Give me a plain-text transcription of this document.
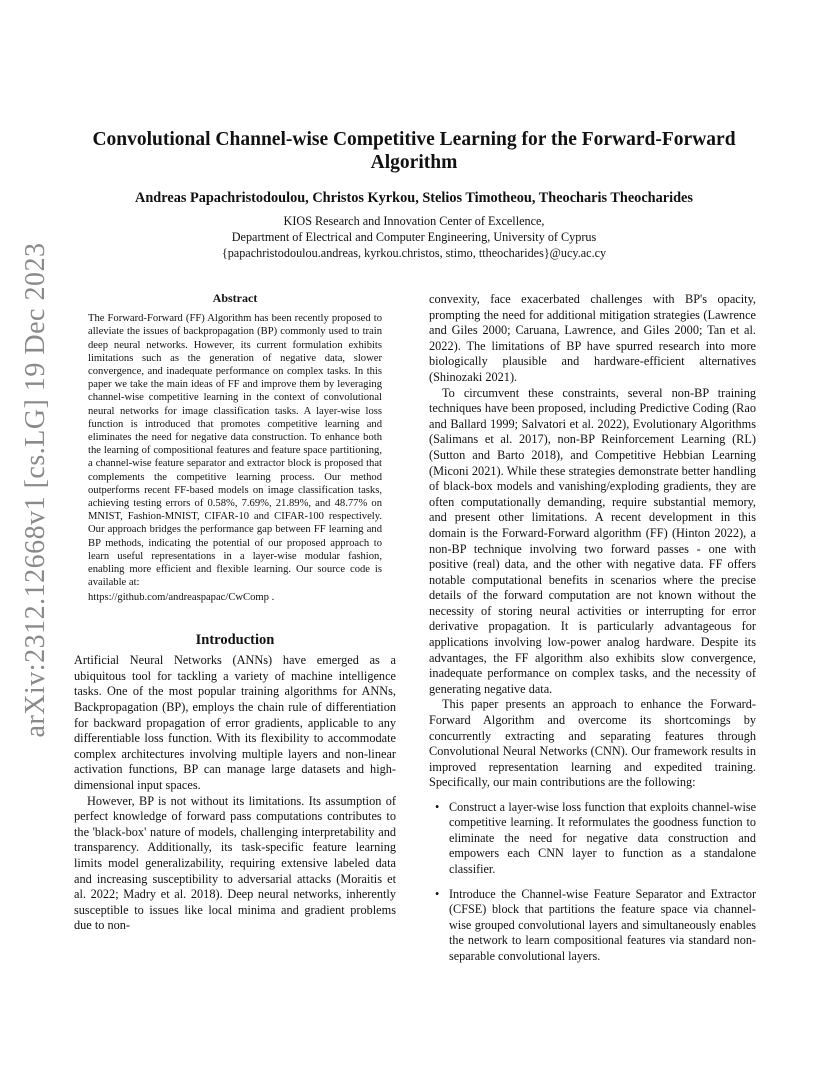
arXiv:2312.12668v1 [cs.LG] 19 Dec 2023
Convolutional Channel-wise Competitive Learning for the Forward-Forward Algorithm
Andreas Papachristodoulou, Christos Kyrkou, Stelios Timotheou, Theocharis Theocharides
KIOS Research and Innovation Center of Excellence,
Department of Electrical and Computer Engineering, University of Cyprus
{papachristodoulou.andreas, kyrkou.christos, stimo, ttheocharides}@ucy.ac.cy
Abstract

The Forward-Forward (FF) Algorithm has been recently proposed to alleviate the issues of backpropagation (BP) commonly used to train deep neural networks. However, its current formulation exhibits limitations such as the generation of negative data, slower convergence, and inadequate performance on complex tasks. In this paper we take the main ideas of FF and improve them by leveraging channel-wise competitive learning in the context of convolutional neural networks for image classification tasks. A layer-wise loss function is introduced that promotes competitive learning and eliminates the need for negative data construction. To enhance both the learning of compositional features and feature space partitioning, a channel-wise feature separator and extractor block is proposed that complements the competitive learning process. Our method outperforms recent FF-based models on image classification tasks, achieving testing errors of 0.58%, 7.69%, 21.89%, and 48.77% on MNIST, Fashion-MNIST, CIFAR-10 and CIFAR-100 respectively. Our approach bridges the performance gap between FF learning and BP methods, indicating the potential of our proposed approach to learn useful representations in a layer-wise modular fashion, enabling more efficient and flexible learning. Our source code is available at:

https://github.com/andreaspapac/CwComp .

Introduction

Artificial Neural Networks (ANNs) have emerged as a ubiquitous tool for tackling a variety of machine intelligence tasks. One of the most popular training algorithms for ANNs, Backpropagation (BP), employs the chain rule of differentiation for backward propagation of error gradients, applicable to any differentiable loss function. With its flexibility to accommodate complex architectures involving multiple layers and non-linear activation functions, BP can manage large datasets and high-dimensional input spaces.

However, BP is not without its limitations. Its assumption of perfect knowledge of forward pass computations contributes to the 'black-box' nature of models, challenging interpretability and transparency. Additionally, its task-specific feature learning limits model generalizability, requiring extensive labeled data and increasing susceptibility to adversarial attacks (Moraitis et al. 2022; Madry et al. 2018). Deep neural networks, inherently susceptible to issues like local minima and gradient problems due to non-

convexity, face exacerbated challenges with BP's opacity, prompting the need for additional mitigation strategies (Lawrence and Giles 2000; Caruana, Lawrence, and Giles 2000; Tan et al. 2022). The limitations of BP have spurred research into more biologically plausible and hardware-efficient alternatives (Shinozaki 2021).

To circumvent these constraints, several non-BP training techniques have been proposed, including Predictive Coding (Rao and Ballard 1999; Salvatori et al. 2022), Evolutionary Algorithms (Salimans et al. 2017), non-BP Reinforcement Learning (RL) (Sutton and Barto 2018), and Competitive Hebbian Learning (Miconi 2021). While these strategies demonstrate better handling of black-box models and vanishing/exploding gradients, they are often computationally demanding, require substantial memory, and present other limitations. A recent development in this domain is the Forward-Forward algorithm (FF) (Hinton 2022), a non-BP technique involving two forward passes - one with positive (real) data, and the other with negative data. FF offers notable computational benefits in scenarios where the precise details of the forward computation are not known without the necessity of storing neural activities or interrupting for error derivative propagation. It is particularly advantageous for applications involving low-power analog hardware. Despite its advantages, the FF algorithm also exhibits slow convergence, inadequate performance on complex tasks, and the necessity of generating negative data.

This paper presents an approach to enhance the Forward-Forward Algorithm and overcome its shortcomings by concurrently extracting and separating features through Convolutional Neural Networks (CNN). Our framework results in improved representation learning and expedited training. Specifically, our main contributions are the following:

• Construct a layer-wise loss function that exploits channel-wise competitive learning. It reformulates the goodness function to eliminate the need for negative data construction and empowers each CNN layer to function as a standalone classifier.
• Introduce the Channel-wise Feature Separator and Extractor (CFSE) block that partitions the feature space via channel-wise grouped convolutional layers and simultaneously enables the network to learn compositional features via standard non-separable convolutional layers.
